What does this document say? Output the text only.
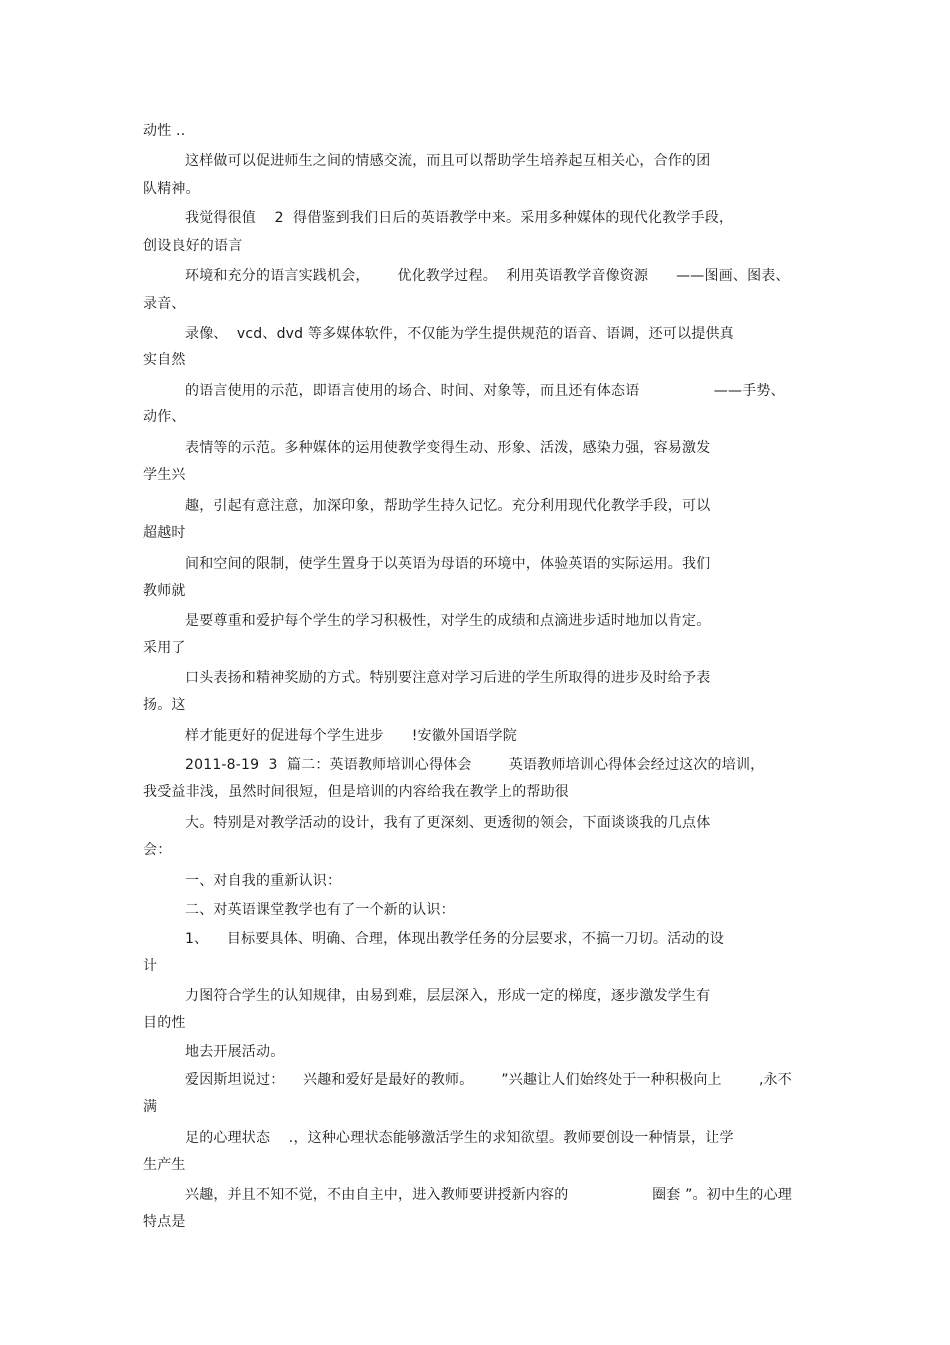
动性 ..
这样做可以促进师生之间的情感交流，而且可以帮助学生培养起互相关心，合作的团
队精神。
我觉得很值    2  得借鉴到我们日后的英语教学中来。采用多种媒体的现代化教学手段，
创设良好的语言
环境和充分的语言实践机会，      优化教学过程。  利用英语教学音像资源      ——图画、图表、
录音、
录像、  vcd、dvd 等多媒体软件，不仅能为学生提供规范的语音、语调，还可以提供真
实自然
的语言使用的示范，即语言使用的场合、时间、对象等，而且还有体态语                ——手势、
动作、
表情等的示范。多种媒体的运用使教学变得生动、形象、活泼，感染力强，容易激发
学生兴
趣，引起有意注意，加深印象，帮助学生持久记忆。充分利用现代化教学手段，可以
超越时
间和空间的限制，使学生置身于以英语为母语的环境中，体验英语的实际运用。我们
教师就
是要尊重和爱护每个学生的学习积极性，对学生的成绩和点滴进步适时地加以肯定。
采用了
口头表扬和精神奖励的方式。特别要注意对学习后进的学生所取得的进步及时给予表
扬。这
样才能更好的促进每个学生进步      !安徽外国语学院
2011-8-19  3  篇二：英语教师培训心得体会        英语教师培训心得体会经过这次的培训，
我受益非浅，虽然时间很短，但是培训的内容给我在教学上的帮助很
大。特别是对教学活动的设计，我有了更深刻、更透彻的领会，下面谈谈我的几点体
会：
一、对自我的重新认识：
二、对英语课堂教学也有了一个新的认识：
1、    目标要具体、明确、合理，体现出教学任务的分层要求，不搞一刀切。活动的设
计
力图符合学生的认知规律，由易到难，层层深入，形成一定的梯度，逐步激发学生有
目的性
地去开展活动。
爱因斯坦说过：    兴趣和爱好是最好的教师。      ”兴趣让人们始终处于一种积极向上        ,永不
满
足的心理状态    .，这种心理状态能够激活学生的求知欲望。教师要创设一种情景，让学
生产生
兴趣，并且不知不觉，不由自主中，进入教师要讲授新内容的                  圈套 ”。初中生的心理
特点是
